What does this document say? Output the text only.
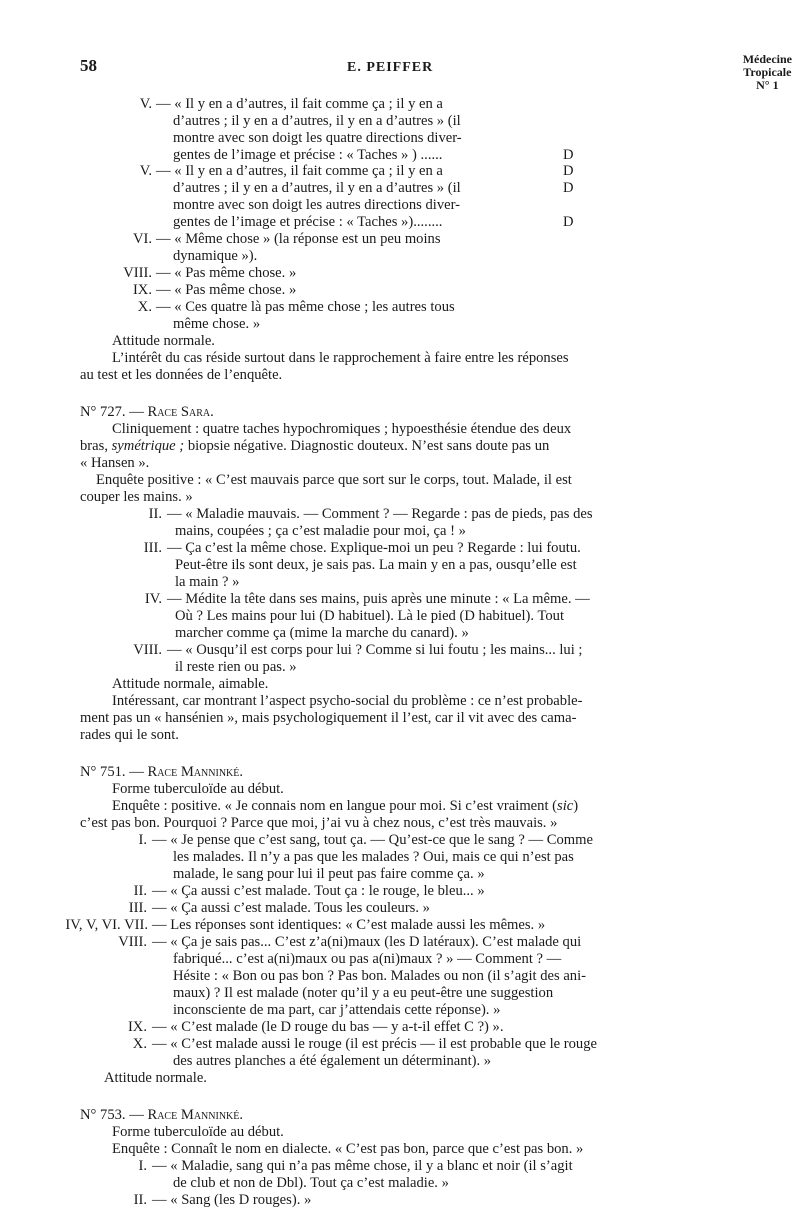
58	E. PEIFFER
Médecine
Tropicale
N° 1
V. — « Il y en a d’autres, il fait comme ça ; il y en a
d’autres ; il y en a d’autres, il y en a d’autres » (il
montre avec son doigt les quatre directions diver-
gentes de l’image et précise : « Taches » ) ......	D
V. — « Il y en a d’autres, il fait comme ça ; il y en a
d’autres ; il y en a d’autres, il y en a d’autres » (il
montre avec son doigt les autres directions diver-
gentes de l’image et précise : « Taches »)........
D
D
D
VI. — « Même chose » (la réponse est un peu moins
dynamique »).
VIII. — « Pas même chose. »
IX. — « Pas même chose. »
X. — « Ces quatre là pas même chose ; les autres tous
même chose. »
Attitude normale.
L’intérêt du cas réside surtout dans le rapprochement à faire entre les réponses
au test et les données de l’enquête.
N° 727. — Race Sara.
Cliniquement : quatre taches hypochromiques ; hypoesthésie étendue des deux
bras, symétrique ; biopsie négative. Diagnostic douteux. N’est sans doute pas un
« Hansen ».
Enquête positive : « C’est mauvais parce que sort sur le corps, tout. Malade, il est
couper les mains. »
II. — « Maladie mauvais. — Comment ? — Regarde : pas de pieds, pas des
mains, coupées ; ça c’est maladie pour moi, ça ! »
III. — Ça c’est la même chose. Explique-moi un peu ? Regarde : lui foutu.
Peut-être ils sont deux, je sais pas. La main y en a pas, ousqu’elle est
la main ? »
IV. — Médite la tête dans ses mains, puis après une minute : « La même. —
Où ? Les mains pour lui (D habituel). Là le pied (D habituel). Tout
marcher comme ça (mime la marche du canard). »
VIII. — « Ousqu’il est corps pour lui ? Comme si lui foutu ; les mains... lui ;
il reste rien ou pas. »
Attitude normale, aimable.
Intéressant, car montrant l’aspect psycho-social du problème : ce n’est probable-
ment pas un « hansénien », mais psychologiquement il l’est, car il vit avec des cama-
rades qui le sont.
N° 751. — Race Manninké.
Forme tuberculoïde au début.
Enquête : positive. « Je connais nom en langue pour moi. Si c’est vraiment (sic)
c’est pas bon. Pourquoi ? Parce que moi, j’ai vu à chez nous, c’est très mauvais. »
I. — « Je pense que c’est sang, tout ça. — Qu’est-ce que le sang ? — Comme
les malades. Il n’y a pas que les malades ? Oui, mais ce qui n’est pas
malade, le sang pour lui il peut pas faire comme ça. »
II. — « Ça aussi c’est malade. Tout ça : le rouge, le bleu... »
III. — « Ça aussi c’est malade. Tous les couleurs. »
IV, V, VI. VII. — Les réponses sont identiques: « C’est malade aussi les mêmes. »
VIII. — « Ça je sais pas... C’est z’a(ni)maux (les D latéraux). C’est malade qui
fabriqué... c’est a(ni)maux ou pas a(ni)maux ? » — Comment ? —
Hésite : « Bon ou pas bon ? Pas bon. Malades ou non (il s’agit des ani-
maux) ? Il est malade (noter qu’il y a eu peut-être une suggestion
inconsciente de ma part, car j’attendais cette réponse). »
IX. — « C’est malade (le D rouge du bas — y a-t-il effet C ?) ».
X. — « C’est malade aussi le rouge (il est précis — il est probable que le rouge
des autres planches a été également un déterminant). »
Attitude normale.
N° 753. — Race Manninké.
Forme tuberculoïde au début.
Enquête : Connaît le nom en dialecte. « C’est pas bon, parce que c’est pas bon. »
I. — « Maladie, sang qui n’a pas même chose, il y a blanc et noir (il s’agit
de club et non de Dbl). Tout ça c’est maladie. »
II. — « Sang (les D rouges). »
